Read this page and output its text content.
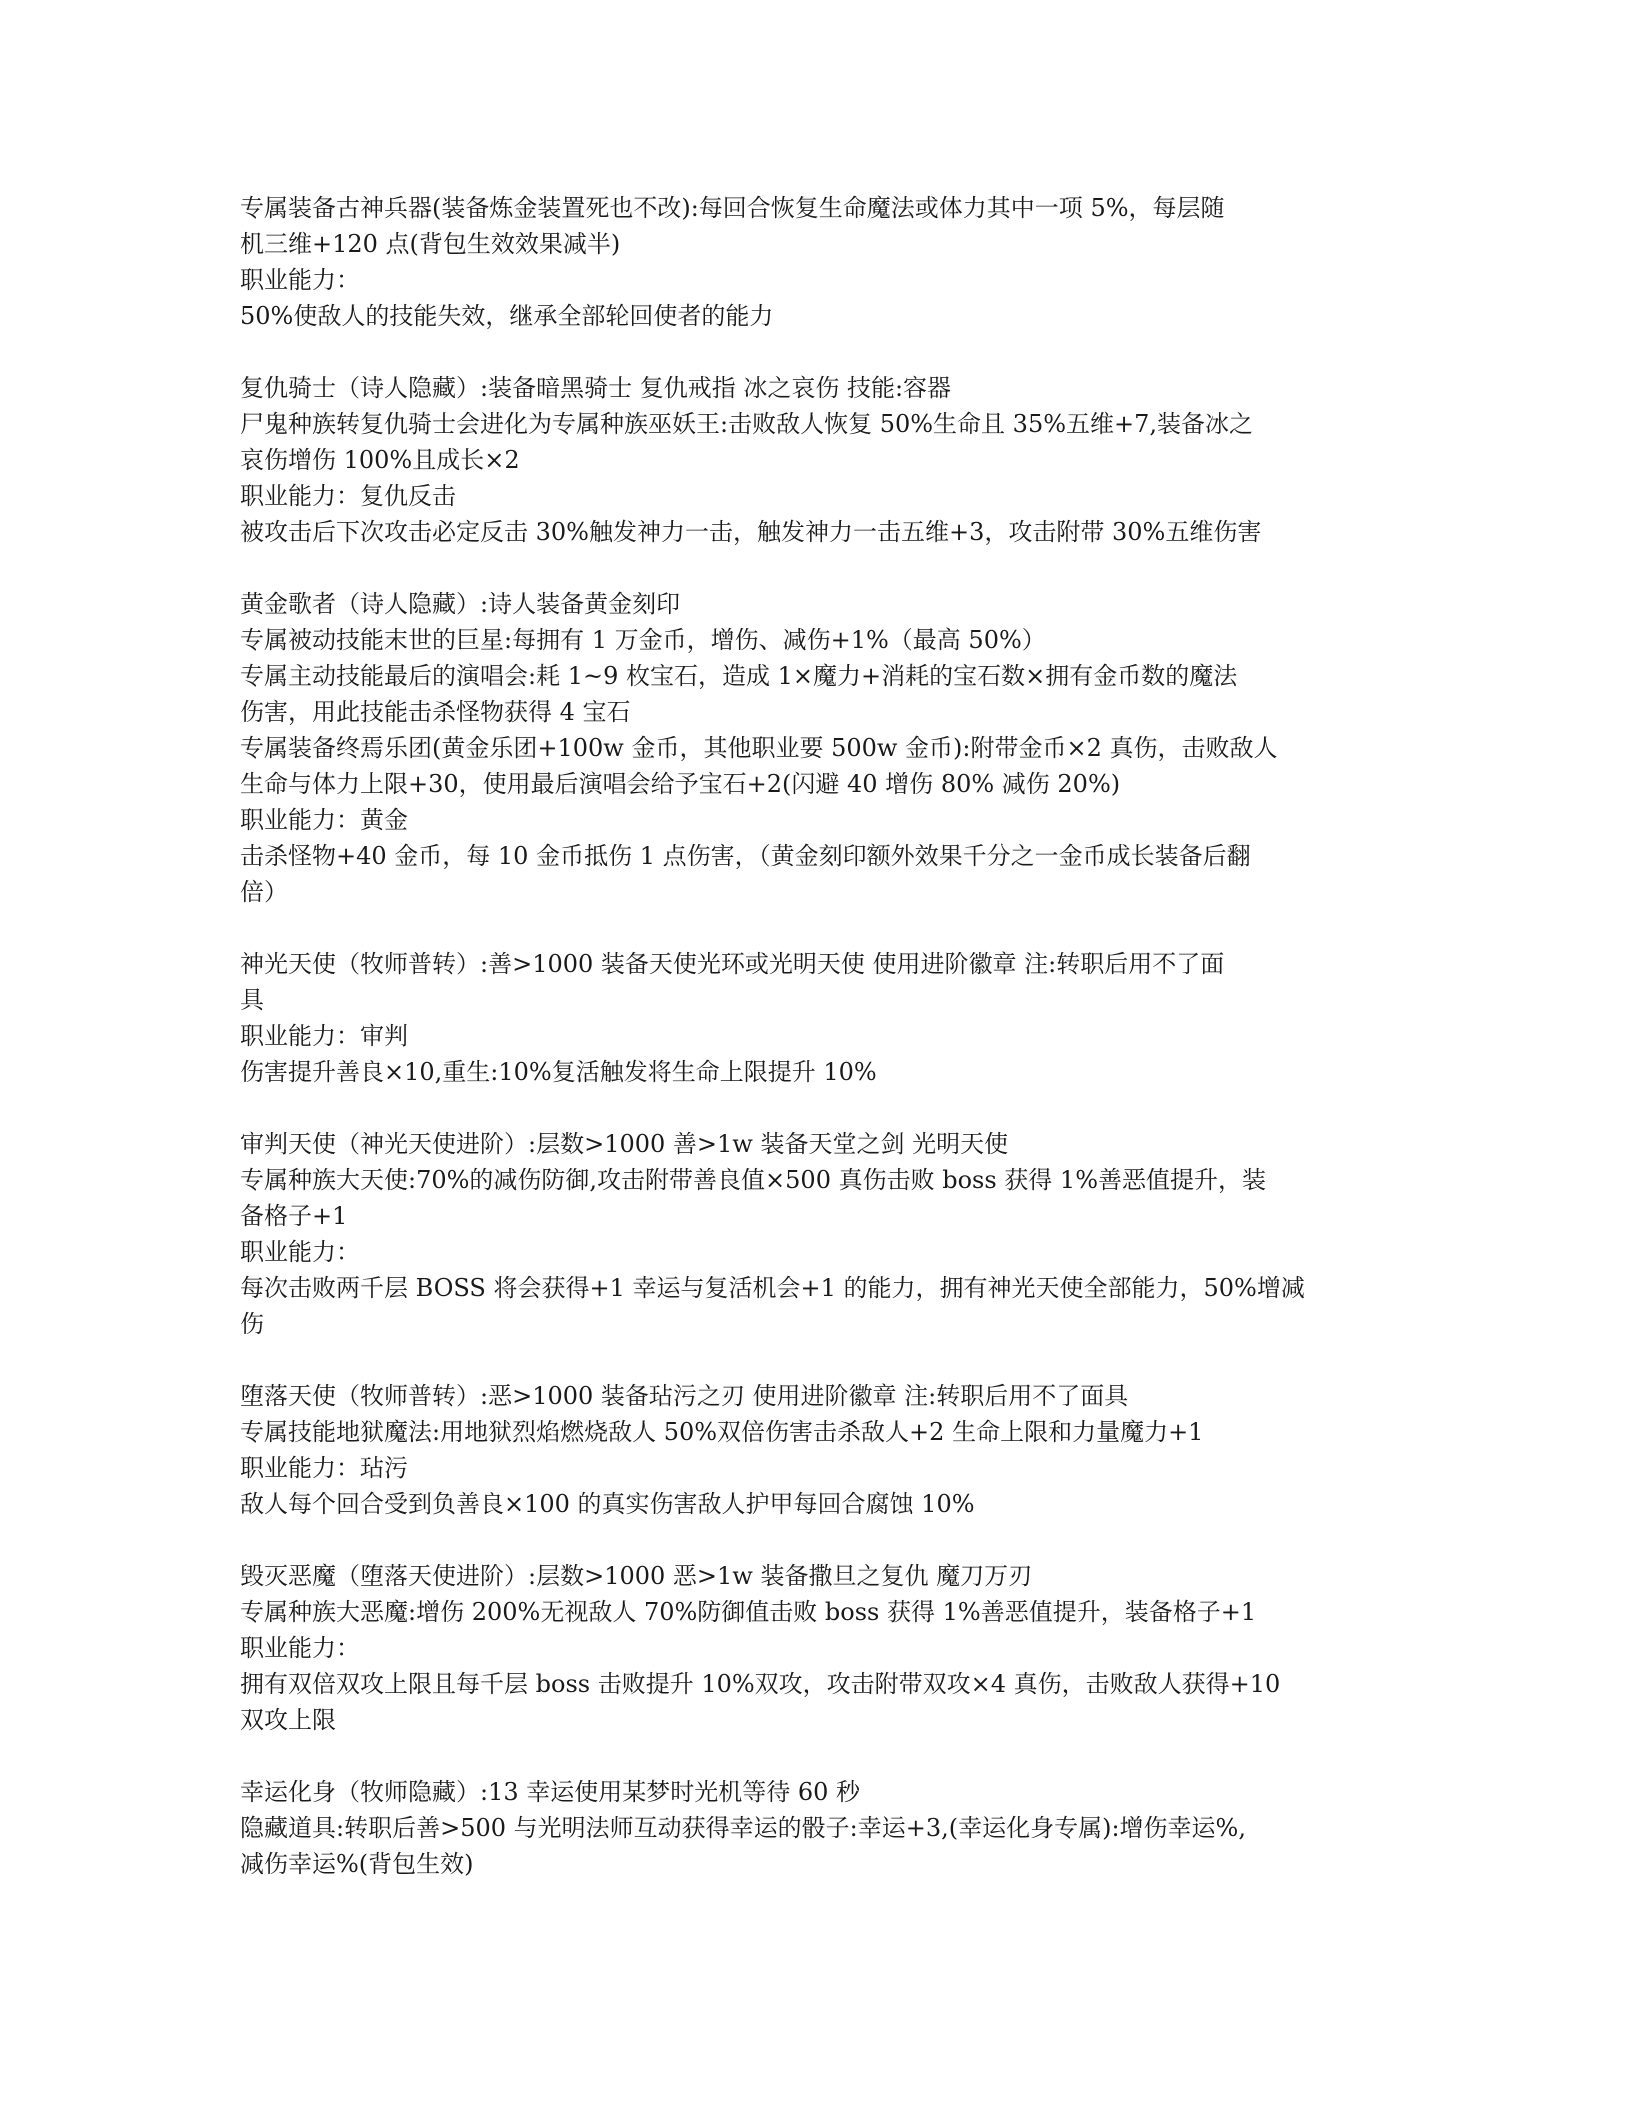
专属装备古神兵器(装备炼金装置死也不改):每回合恢复生命魔法或体力其中一项 5%，每层随
机三维+120 点(背包生效效果减半)
职业能力：
50%使敌人的技能失效，继承全部轮回使者的能力
复仇骑士（诗人隐藏）:装备暗黑骑士 复仇戒指 冰之哀伤 技能:容器
尸鬼种族转复仇骑士会进化为专属种族巫妖王:击败敌人恢复 50%生命且 35%五维+7,装备冰之
哀伤增伤 100%且成长×2
职业能力：复仇反击
被攻击后下次攻击必定反击 30%触发神力一击，触发神力一击五维+3，攻击附带 30%五维伤害
黄金歌者（诗人隐藏）:诗人装备黄金刻印
专属被动技能末世的巨星:每拥有 1 万金币，增伤、减伤+1%（最高 50%）
专属主动技能最后的演唱会:耗 1~9 枚宝石，造成 1×魔力+消耗的宝石数×拥有金币数的魔法
伤害，用此技能击杀怪物获得 4 宝石
专属装备终焉乐团(黄金乐团+100w 金币，其他职业要 500w 金币):附带金币×2 真伤，击败敌人
生命与体力上限+30，使用最后演唱会给予宝石+2(闪避 40 增伤 80% 减伤 20%)
职业能力：黄金
击杀怪物+40 金币，每 10 金币抵伤 1 点伤害，（黄金刻印额外效果千分之一金币成长装备后翻
倍）
神光天使（牧师普转）:善>1000 装备天使光环或光明天使 使用进阶徽章 注:转职后用不了面
具
职业能力：审判
伤害提升善良×10,重生:10%复活触发将生命上限提升 10%
审判天使（神光天使进阶）:层数>1000 善>1w 装备天堂之剑 光明天使
专属种族大天使:70%的减伤防御,攻击附带善良值×500 真伤击败 boss 获得 1%善恶值提升，装
备格子+1
职业能力：
每次击败两千层 BOSS 将会获得+1 幸运与复活机会+1 的能力，拥有神光天使全部能力，50%增减
伤
堕落天使（牧师普转）:恶>1000 装备玷污之刃 使用进阶徽章 注:转职后用不了面具
专属技能地狱魔法:用地狱烈焰燃烧敌人 50%双倍伤害击杀敌人+2 生命上限和力量魔力+1
职业能力：玷污
敌人每个回合受到负善良×100 的真实伤害敌人护甲每回合腐蚀 10%
毁灭恶魔（堕落天使进阶）:层数>1000 恶>1w 装备撒旦之复仇 魔刀万刃
专属种族大恶魔:增伤 200%无视敌人 70%防御值击败 boss 获得 1%善恶值提升，装备格子+1
职业能力：
拥有双倍双攻上限且每千层 boss 击败提升 10%双攻，攻击附带双攻×4 真伤，击败敌人获得+10
双攻上限
幸运化身（牧师隐藏）:13 幸运使用某梦时光机等待 60 秒
隐藏道具:转职后善>500 与光明法师互动获得幸运的骰子:幸运+3,(幸运化身专属):增伤幸运%,
减伤幸运%(背包生效)
